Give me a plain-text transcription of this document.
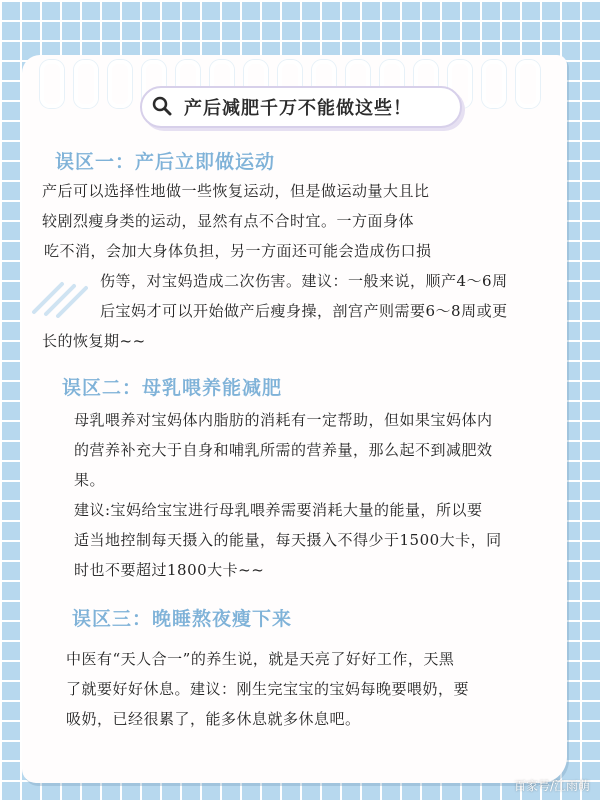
产后减肥千万不能做这些！
误区一：产后立即做运动
产后可以选择性地做一些恢复运动，但是做运动量大且比
较剧烈瘦身类的运动，显然有点不合时宜。一方面身体
吃不消，会加大身体负担，另一方面还可能会造成伤口损
伤等，对宝妈造成二次伤害。建议：一般来说，顺产4～6周
后宝妈才可以开始做产后瘦身操，剖宫产则需要6～8周或更
长的恢复期~~
误区二：母乳喂养能减肥
母乳喂养对宝妈体内脂肪的消耗有一定帮助，但如果宝妈体内
的营养补充大于自身和哺乳所需的营养量，那么起不到减肥效
果。
建议:宝妈给宝宝进行母乳喂养需要消耗大量的能量，所以要
适当地控制每天摄入的能量，每天摄入不得少于1500大卡，同
时也不要超过1800大卡~~
误区三：晚睡熬夜瘦下来
中医有“天人合一”的养生说，就是天亮了好好工作，天黑
了就要好好休息。建议：刚生完宝宝的宝妈每晚要喂奶，要
吸奶，已经很累了，能多休息就多休息吧。
百家号/江雨萌
